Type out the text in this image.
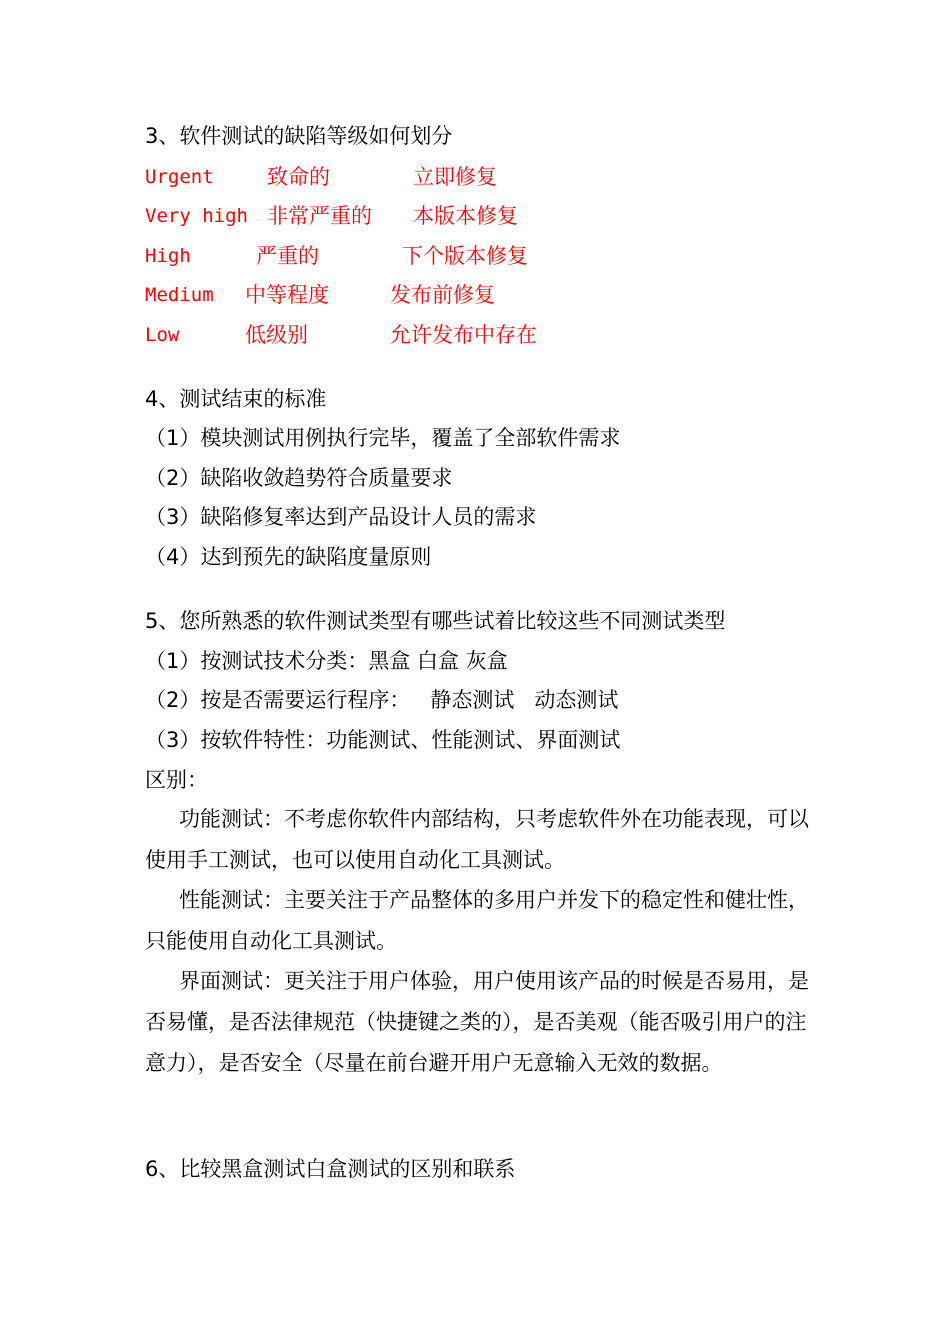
3、软件测试的缺陷等级如何划分
Urgent	致命的	立即修复
Very high 非常严重的 本版本修复
High	严重的	下个版本修复
Medium 中等程度	发布前修复
Low	低级别	允许发布中存在
4、测试结束的标准
（1）模块测试用例执行完毕，覆盖了全部软件需求
（2）缺陷收敛趋势符合质量要求
（3）缺陷修复率达到产品设计人员的需求
（4）达到预先的缺陷度量原则
5、您所熟悉的软件测试类型有哪些试着比较这些不同测试类型
（1）按测试技术分类：黑盒 白盒 灰盒
（2）按是否需要运行程序：   静态测试   动态测试
（3）按软件特性：功能测试、性能测试、界面测试
区别：
功能测试：不考虑你软件内部结构，只考虑软件外在功能表现，可以使用手工测试，也可以使用自动化工具测试。
性能测试：主要关注于产品整体的多用户并发下的稳定性和健壮性，只能使用自动化工具测试。
界面测试：更关注于用户体验，用户使用该产品的时候是否易用，是否易懂，是否法律规范（快捷键之类的），是否美观（能否吸引用户的注意力），是否安全（尽量在前台避开用户无意输入无效的数据。
6、比较黑盒测试白盒测试的区别和联系
